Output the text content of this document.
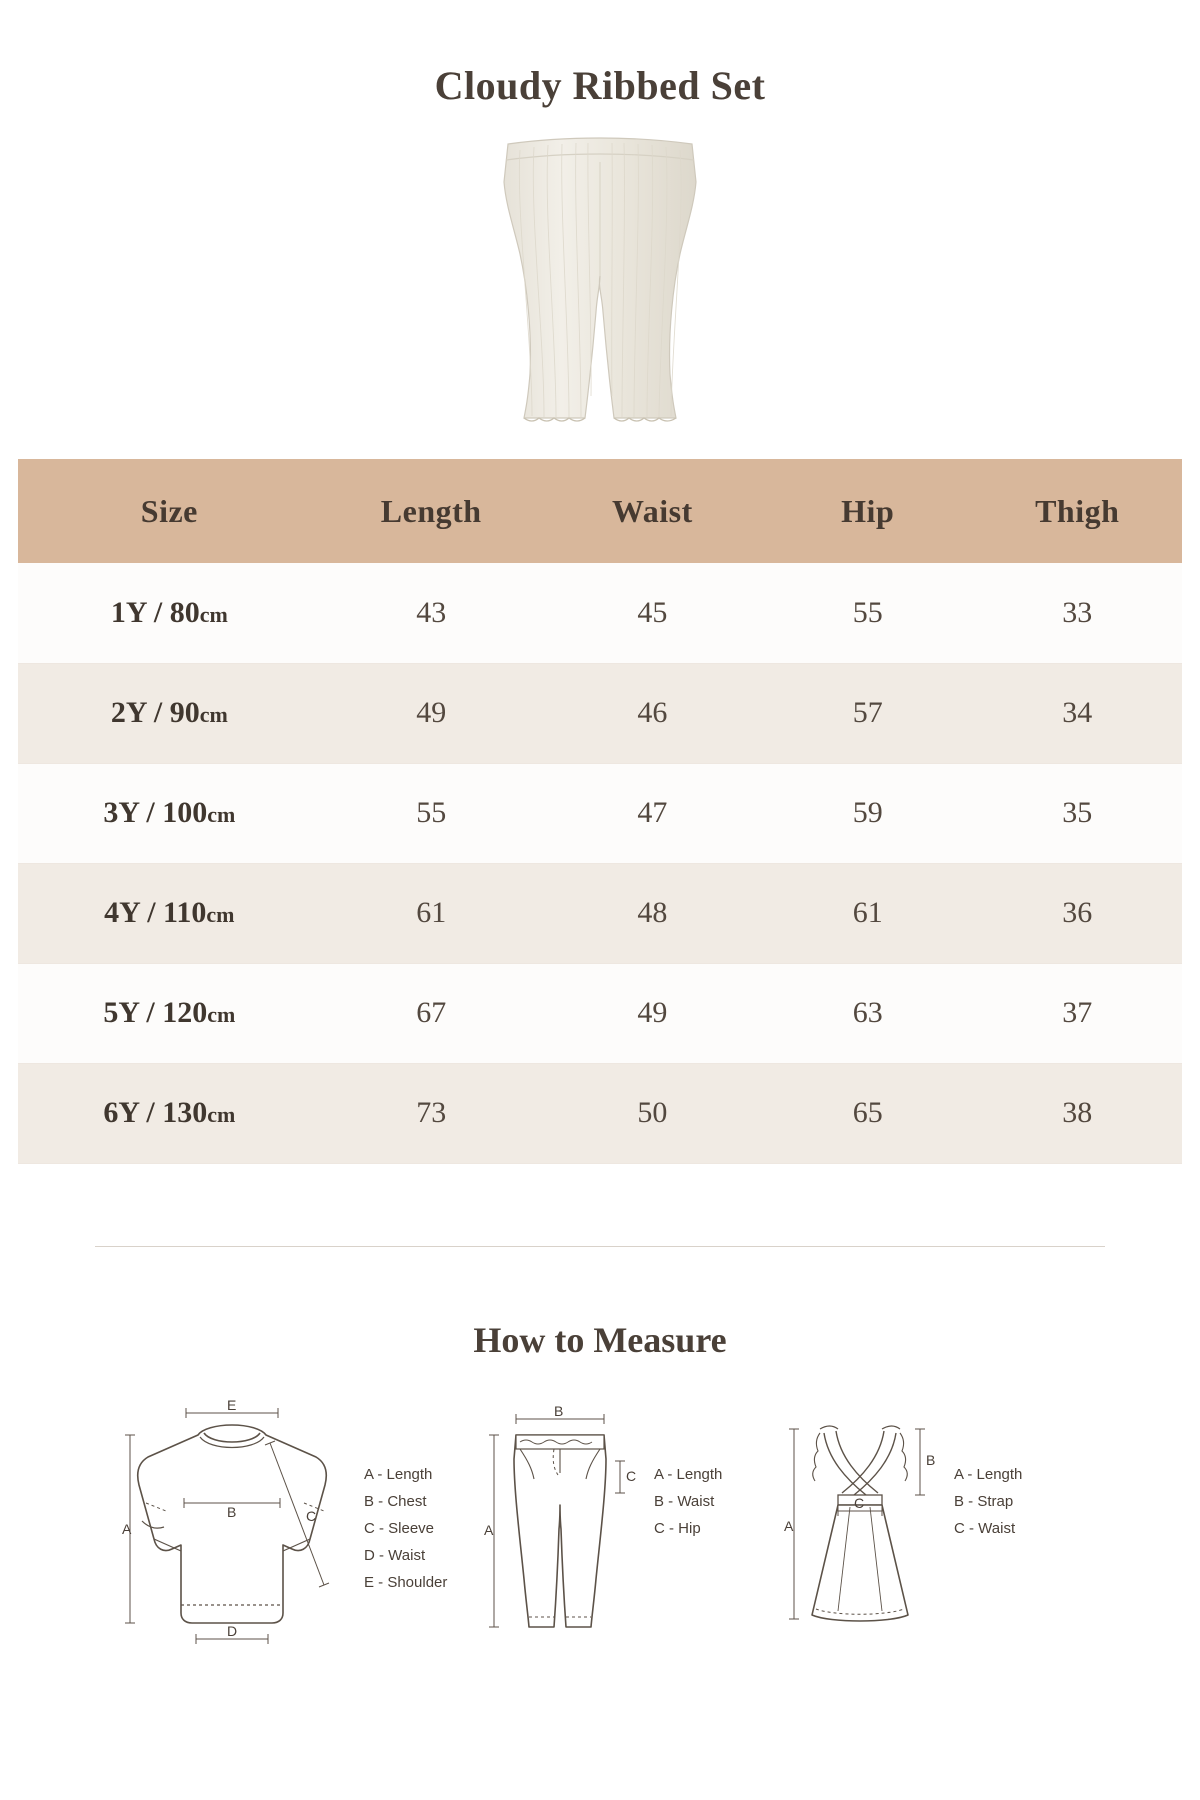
Cloudy Ribbed Set
Size	Length	Waist	Hip	Thigh
1Y / 80cm	43	45	55	33
2Y / 90cm	49	46	57	34
3Y / 100cm	55	47	59	35
4Y / 110cm	61	48	61	36
5Y / 120cm	67	49	63	37
6Y / 130cm	73	50	65	38
How to Measure
A
E
B	C
D
A - Length
B - Chest
C - Sleeve
D - Waist
E - Shoulder
B
A
C A - Length
B - Waist
C - Hip	A
B
C
A - Length
B - Strap
C - Waist
